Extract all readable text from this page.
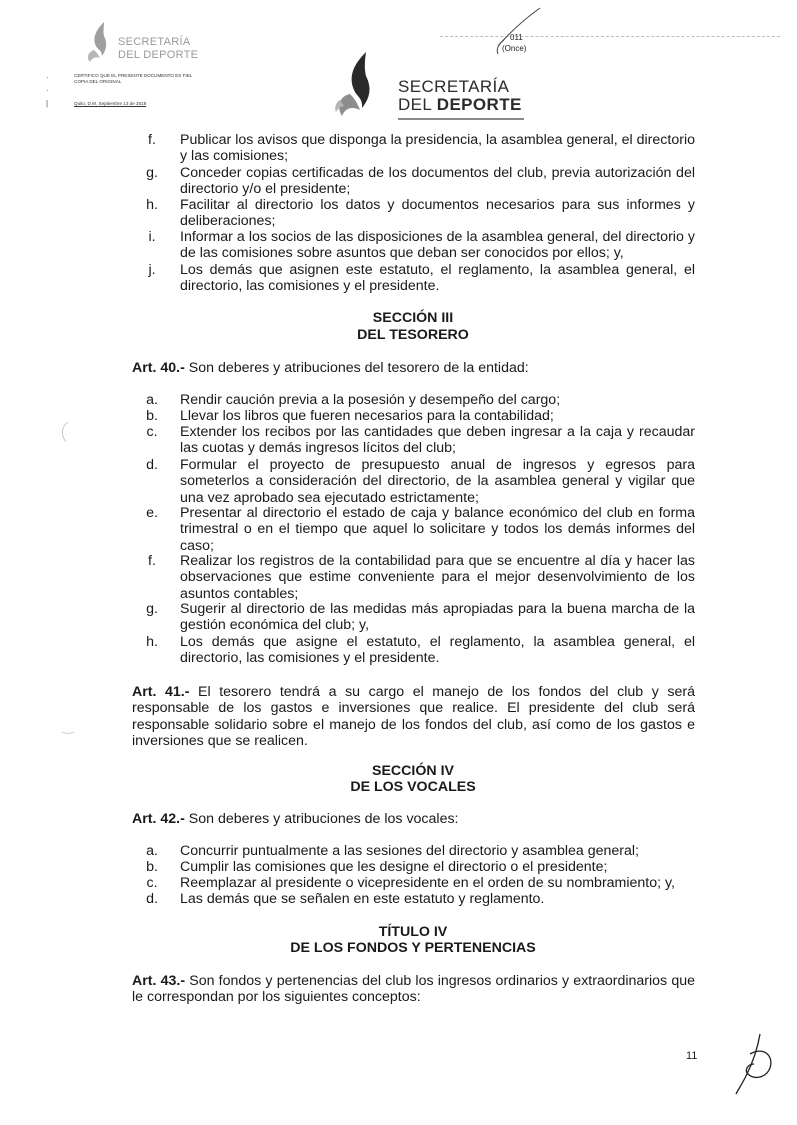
SECRETARÍA
DEL DEPORTE
·
·
|
CERTIFICO QUE EL PRESENTE DOCUMENTO ES FIEL COPIA DEL ORIGINAL
Quito, D.M. Septiembre 13 de 2018
011
(Once)
SECRETARÍA
DEL DEPORTE
f.	Publicar los avisos que disponga la presidencia, la asamblea general, el directorio y las comisiones;
g.	Conceder copias certificadas de los documentos del club, previa autorización del directorio y/o el presidente;
h.	Facilitar al directorio los datos y documentos necesarios para sus informes y deliberaciones;
i.	Informar a los socios de las disposiciones de la asamblea general, del directorio y de las comisiones sobre asuntos que deban ser conocidos por ellos; y,
j.	Los demás que asignen este estatuto, el reglamento, la asamblea general, el directorio, las comisiones y el presidente.
SECCIÓN III
DEL TESORERO
Art. 40.- Son deberes y atribuciones del tesorero de la entidad:
a.	Rendir caución previa a la posesión y desempeño del cargo;
b.	Llevar los libros que fueren necesarios para la contabilidad;
c.	Extender los recibos por las cantidades que deben ingresar a la caja y recaudar las cuotas y demás ingresos lícitos del club;
d.	Formular el proyecto de presupuesto anual de ingresos y egresos para someterlos a consideración del directorio, de la asamblea general y vigilar que una vez aprobado sea ejecutado estrictamente;
e.	Presentar al directorio el estado de caja y balance económico del club en forma trimestral o en el tiempo que aquel lo solicitare y todos los demás informes del caso;
f.	Realizar los registros de la contabilidad para que se encuentre al día y hacer las observaciones que estime conveniente para el mejor desenvolvimiento de los asuntos contables;
g.	Sugerir al directorio de las medidas más apropiadas para la buena marcha de la gestión económica del club; y,
h.	Los demás que asigne el estatuto, el reglamento, la asamblea general, el directorio, las comisiones y el presidente.
Art. 41.- El tesorero tendrá a su cargo el manejo de los fondos del club y será responsable de los gastos e inversiones que realice. El presidente del club será responsable solidario sobre el manejo de los fondos del club, así como de los gastos e inversiones que se realicen.
SECCIÓN IV
DE LOS VOCALES
Art. 42.- Son deberes y atribuciones de los vocales:
a.	Concurrir puntualmente a las sesiones del directorio y asamblea general;
b.	Cumplir las comisiones que les designe el directorio o el presidente;
c.	Reemplazar al presidente o vicepresidente en el orden de su nombramiento; y,
d.	Las demás que se señalen en este estatuto y reglamento.
TÍTULO IV
DE LOS FONDOS Y PERTENENCIAS
Art. 43.- Son fondos y pertenencias del club los ingresos ordinarios y extraordinarios que le correspondan por los siguientes conceptos:
11
